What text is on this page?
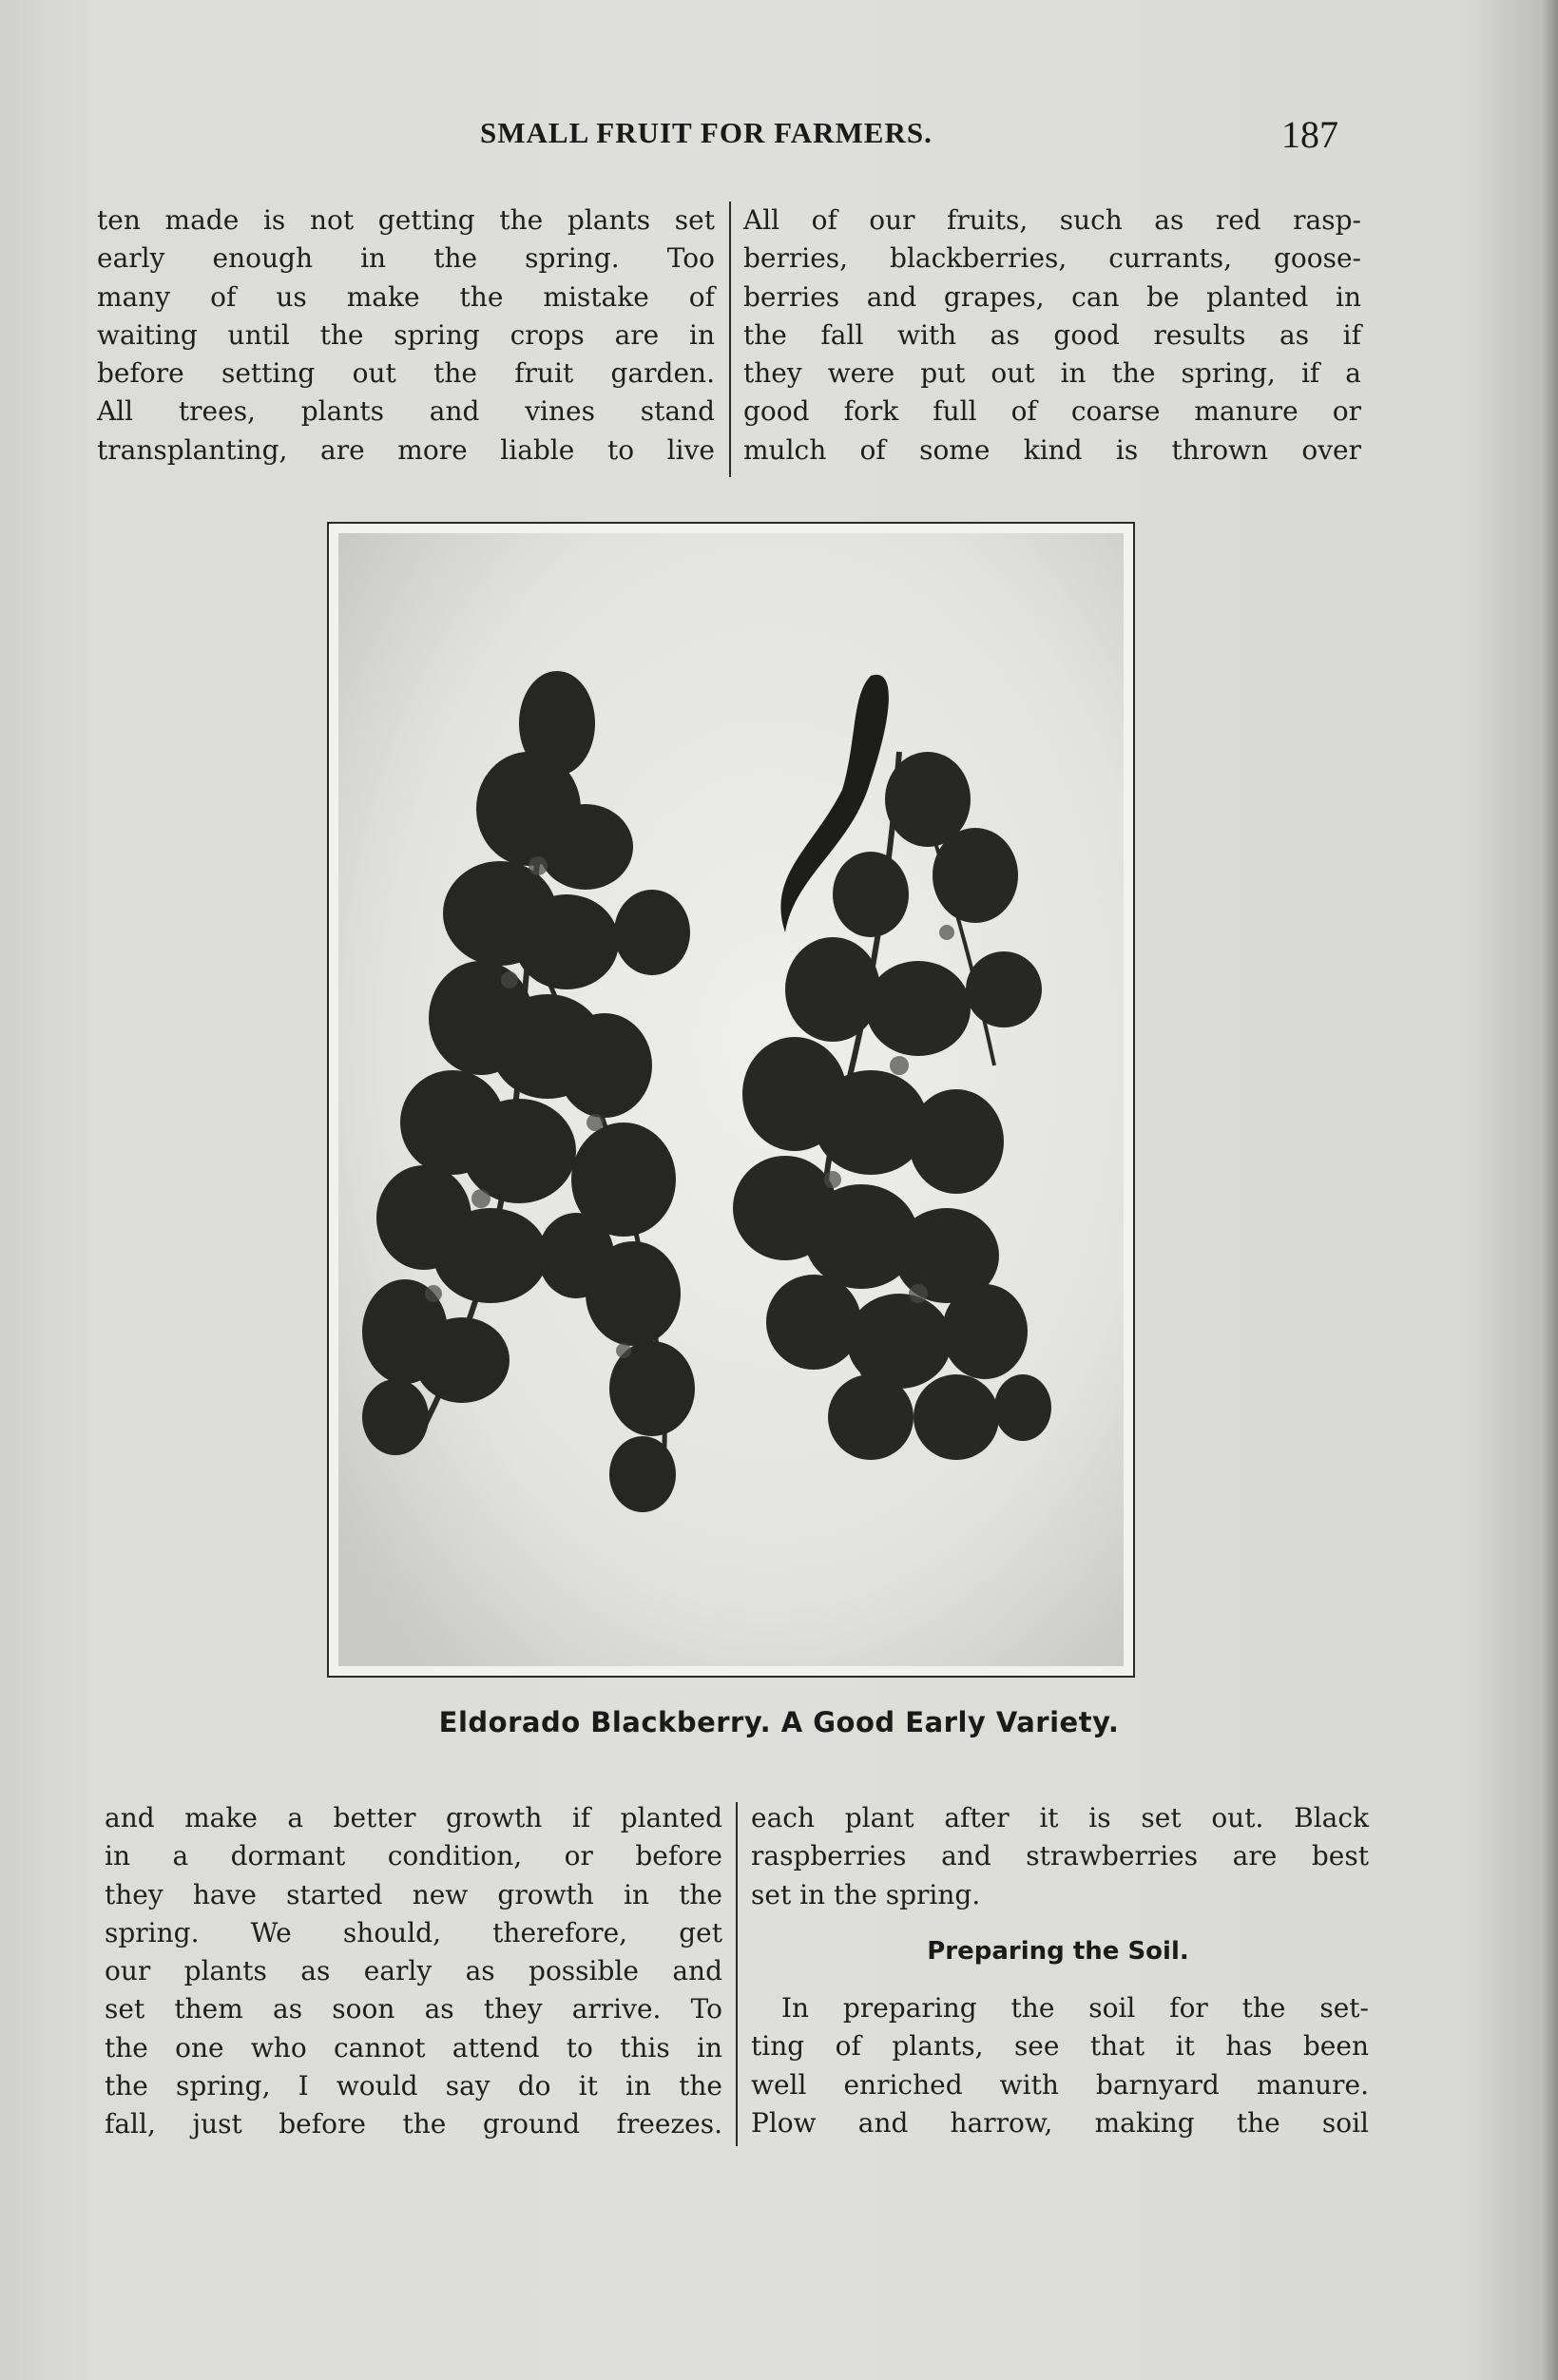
SMALL FRUIT FOR FARMERS.	187
ten made is not getting the plants set
early enough in the spring. Too
many of us make the mistake of
waiting until the spring crops are in
before setting out the fruit garden.
All trees, plants and vines stand
transplanting, are more liable to live
All of our fruits, such as red rasp-
berries, blackberries, currants, goose-
berries and grapes, can be planted in
the fall with as good results as if
they were put out in the spring, if a
good fork full of coarse manure or
mulch of some kind is thrown over
Eldorado Blackberry. A Good Early Variety.
and make a better growth if planted
in a dormant condition, or before
they have started new growth in the
spring. We should, therefore, get
our plants as early as possible and
set them as soon as they arrive. To
the one who cannot attend to this in
the spring, I would say do it in the
fall, just before the ground freezes.
each plant after it is set out. Black
raspberries and strawberries are best
set in the spring.
Preparing the Soil.
In preparing the soil for the set-
ting of plants, see that it has been
well enriched with barnyard manure.
Plow and harrow, making the soil
